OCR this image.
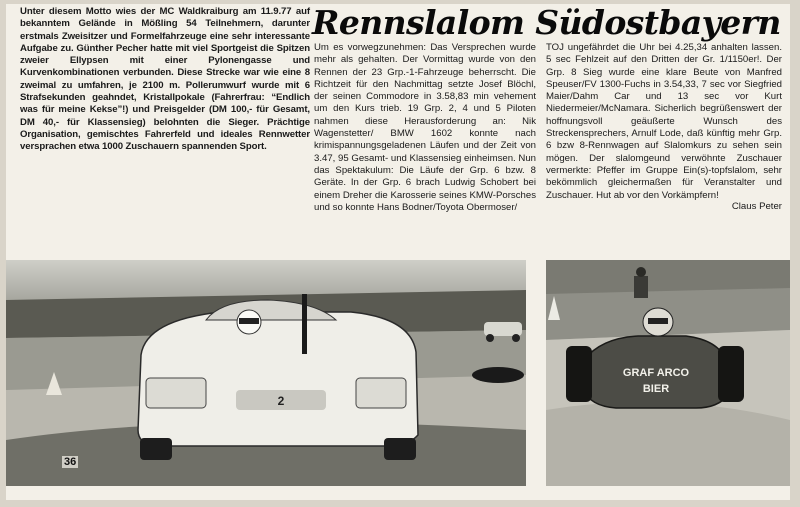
Unter diesem Motto wies der MC Waldkraiburg am 11.9.77 auf bekanntem Gelände in Mößling 54 Teilnehmern, darunter erstmals Zweisitzer und Formelfahrzeuge eine sehr interessante Aufgabe zu. Günther Pecher hatte mit viel Sportgeist die Spitzen zweier Ellypsen mit einer Pylonengasse und Kurvenkombinationen verbunden. Diese Strecke war wie eine 8 zweimal zu umfahren, je 2100 m. Pollerumwurf wurde mit 6 Strafsekunden geahndet, Kristallpokale (Fahrerfrau: “Endlich was für meine Kekse”!) und Preisgelder (DM 100,- für Gesamt, DM 40,- für Klassensieg) belohnten die Sieger. Prächtige Organisation, gemischtes Fahrerfeld und ideales Rennwetter versprachen etwa 1000 Zuschauern spannenden Sport.

Rennslalom Südostbayern

Um es vorwegzunehmen: Das Versprechen wurde mehr als gehalten. Der Vormittag wurde von den Rennen der 23 Grp.-1-Fahrzeuge beherrscht. Die Richtzeit für den Nachmittag setzte Josef Blöchl, der seinen Commodore in 3.58,83 min vehement um den Kurs trieb. 19 Grp. 2, 4 und 5 Piloten nahmen diese Herausforderung an: Nik Wagenstetter/ BMW 1602 konnte nach krimispannungsgeladenen Läufen und der Zeit von 3.47, 95 Gesamt- und Klassensieg einheimsen. Nun das Spektakulum: Die Läufe der Grp. 6 bzw. 8 Geräte. In der Grp. 6 brach Ludwig Schobert bei einem Dreher die Karosserie seines KMW-Porsches und so konnte Hans Bodner/Toyota Obermoser/

TOJ ungefährdet die Uhr bei 4.25,34 anhalten lassen. 5 sec Fehlzeit auf den Dritten der Gr. 1/1150er!. Der Grp. 8 Sieg wurde eine klare Beute von Manfred Speuser/FV 1300-Fuchs in 3.54,33, 7 sec vor Siegfried Maier/Dahm Car und 13 sec vor Kurt Niedermeier/McNamara. Sicherlich begrüßenswert der hoffnungsvoll geäußerte Wunsch des Streckensprechers, Arnulf Lode, daß künftig mehr Grp. 6 bzw 8-Rennwagen auf Slalomkurs zu sehen sein mögen. Der slalomgeund verwöhnte Zuschauer vermerkte: Pfeffer im Gruppe Ein(s)-topfslalom, sehr bekömmlich gleichermaßen für Veranstalter und Zuschauer. Hut ab vor den Vorkämpfern!

Claus Peter
2
36
GRAF ARCO
BIER
